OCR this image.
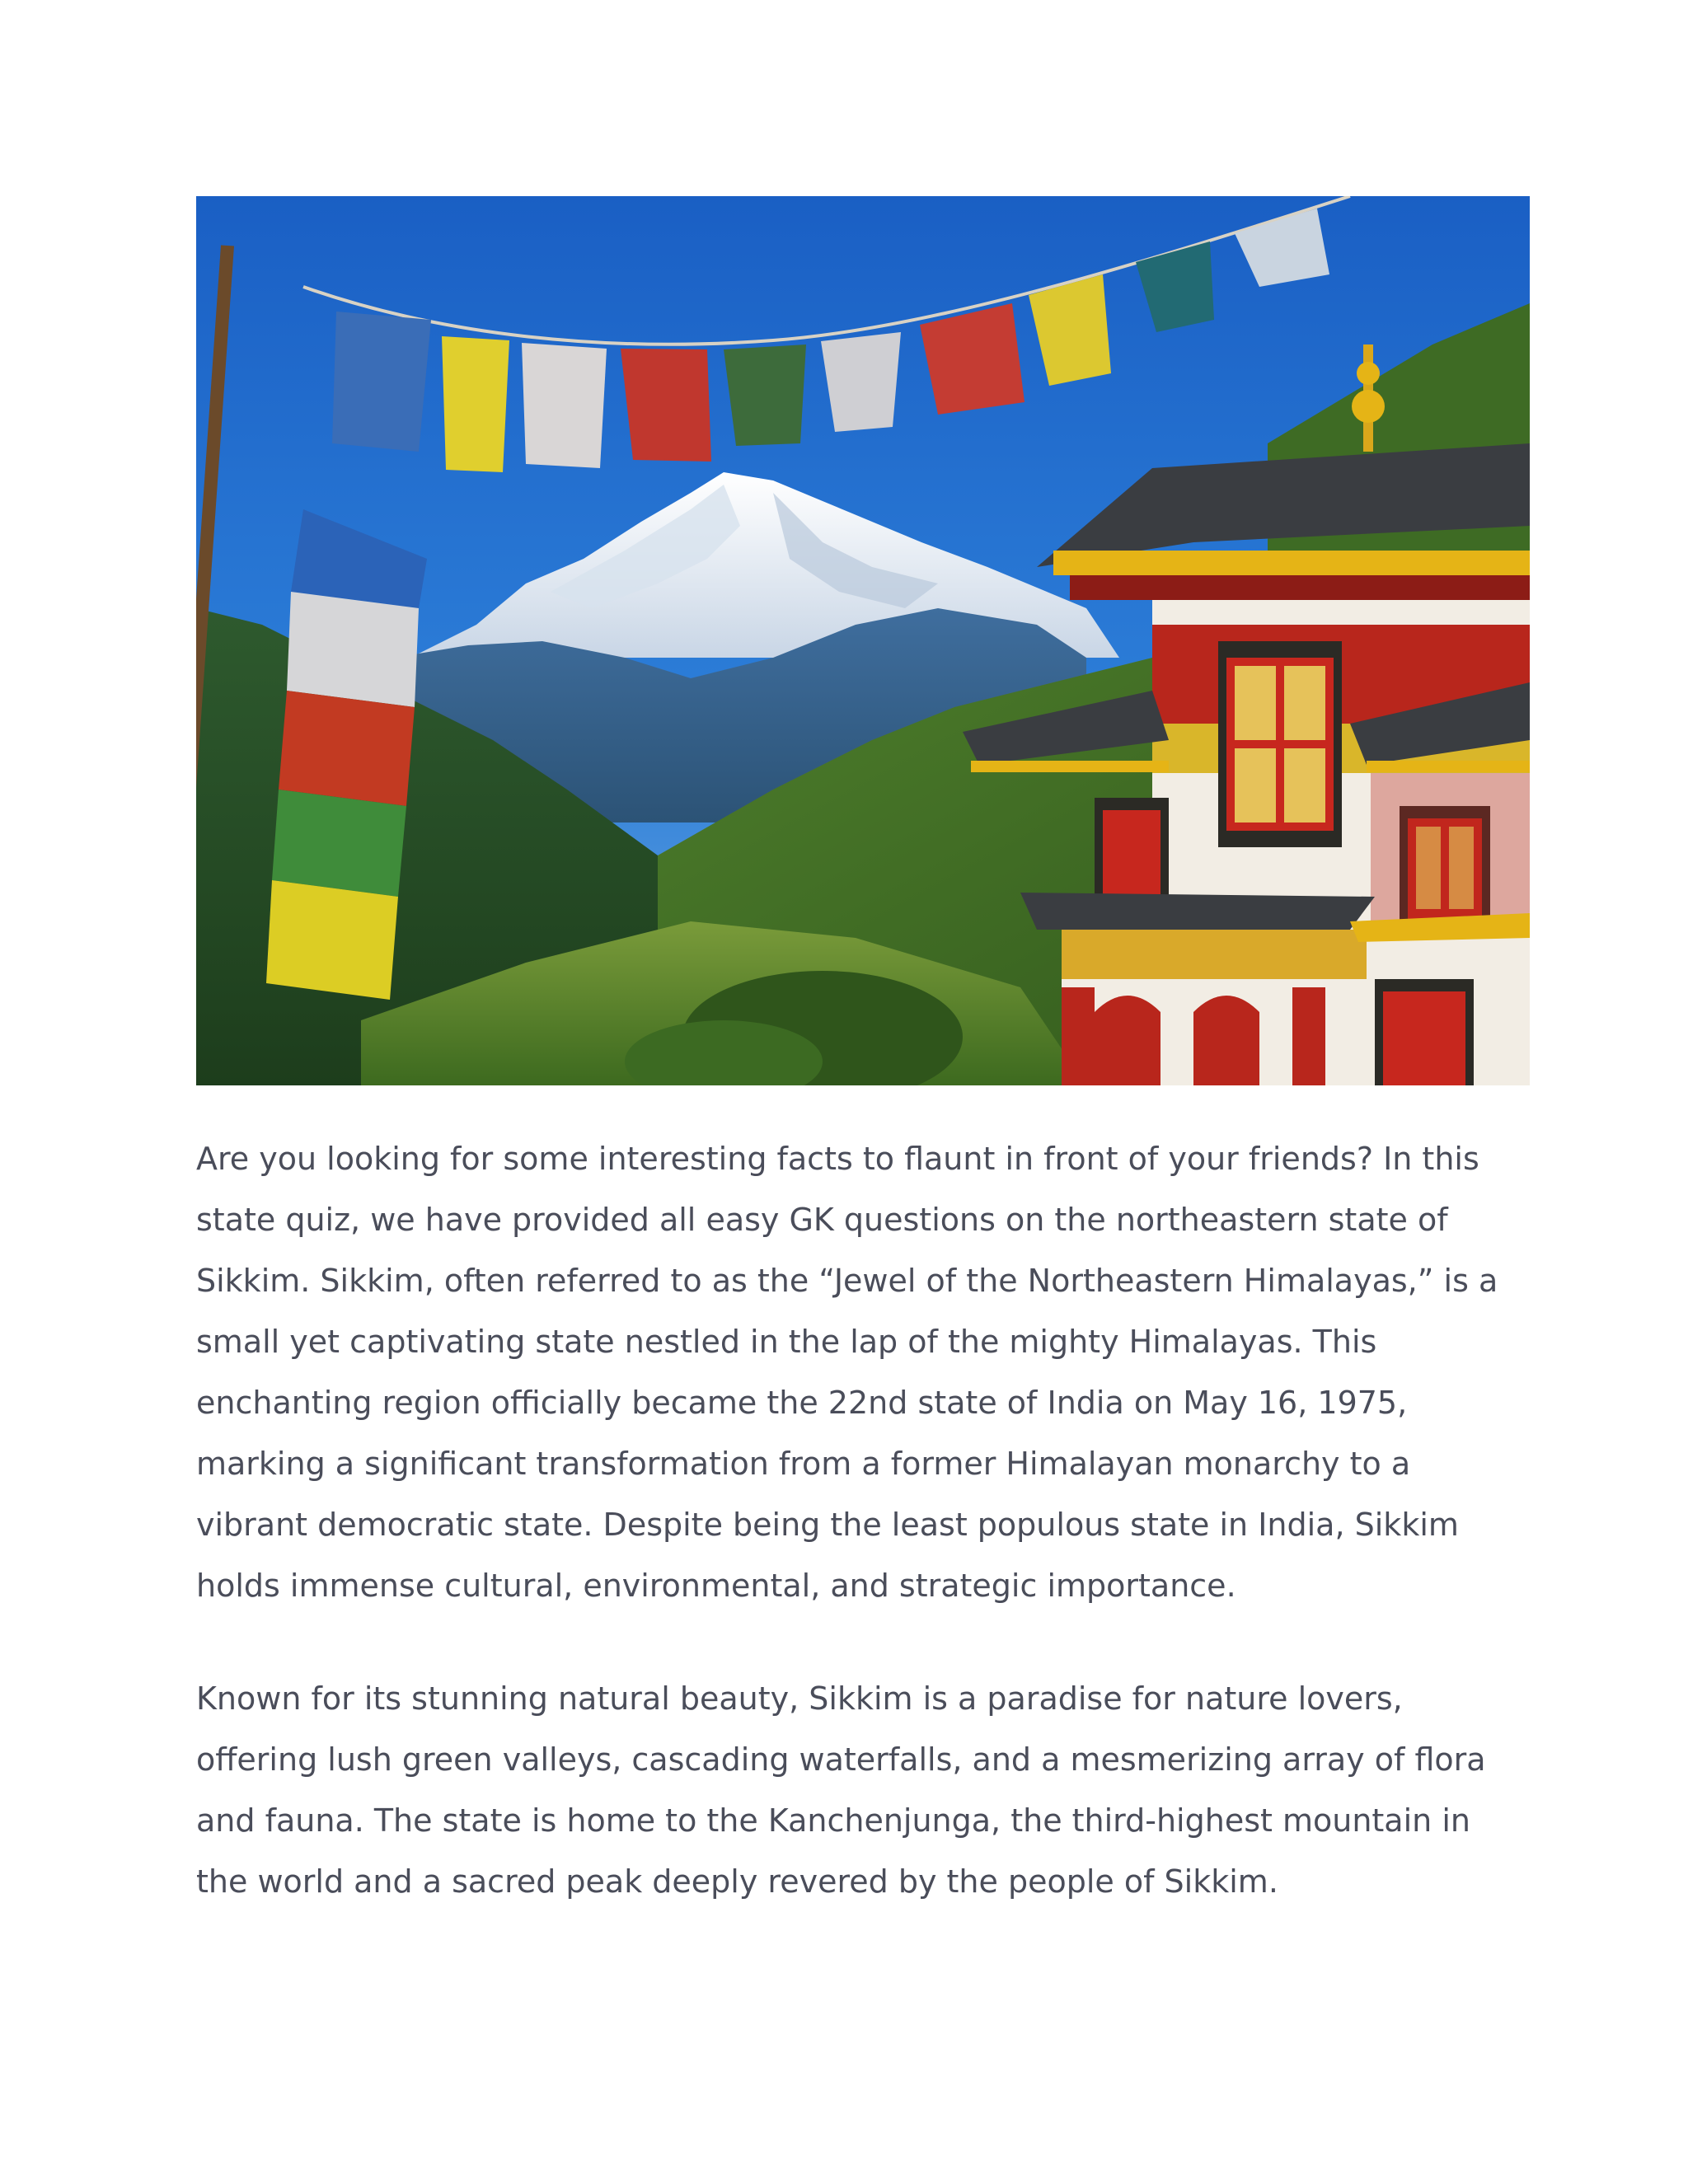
Are you looking for some interesting facts to flaunt in front of your friends? In this state quiz, we have provided all easy GK questions on the northeastern state of Sikkim. Sikkim, often referred to as the “Jewel of the Northeastern Himalayas,” is a small yet captivating state nestled in the lap of the mighty Himalayas. This enchanting region officially became the 22nd state of India on May 16, 1975, marking a significant transformation from a former Himalayan monarchy to a vibrant democratic state. Despite being the least populous state in India, Sikkim holds immense cultural, environmental, and strategic importance.

Known for its stunning natural beauty, Sikkim is a paradise for nature lovers, offering lush green valleys, cascading waterfalls, and a mesmerizing array of flora and fauna. The state is home to the Kanchenjunga, the third-highest mountain in the world and a sacred peak deeply revered by the people of Sikkim.
